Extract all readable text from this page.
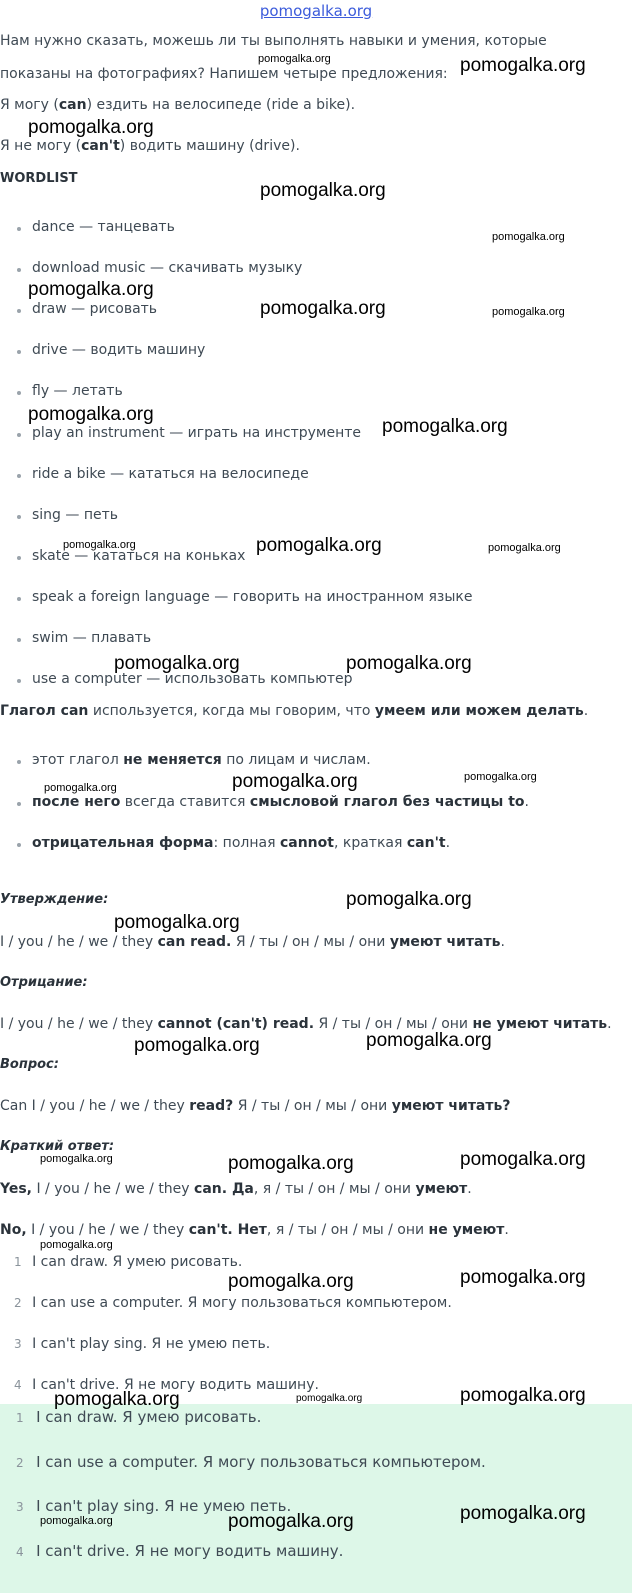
pomogalka.org
Нам нужно сказать, можешь ли ты выполнять навыки и умения, которые
показаны на фотографиях? Напишем четыре предложения:
Я могу (can) ездить на велосипеде (ride a bike).
Я не могу (can't) водить машину (drive).
WORDLIST
dance — танцевать
download music — скачивать музыку
draw — рисовать
drive — водить машину
fly — летать
play an instrument — играть на инструменте
ride a bike — кататься на велосипеде
sing — петь
skate — кататься на коньках
speak a foreign language — говорить на иностранном языке
swim — плавать
use a computer — использовать компьютер
Глагол can используется, когда мы говорим, что умеем или можем делать.
этот глагол не меняется по лицам и числам.
после него всегда ставится смысловой глагол без частицы to.
отрицательная форма: полная cannot, краткая can't.
Утверждение:
I / you / he / we / they can read. Я / ты / он / мы / они умеют читать.
Отрицание:
I / you / he / we / they cannot (can't) read. Я / ты / он / мы / они не умеют читать.
Вопрос:
Can I / you / he / we / they read? Я / ты / он / мы / они умеют читать?
Краткий ответ:
Yes, I / you / he / we / they can. Да, я / ты / он / мы / они умеют.
No, I / you / he / we / they can't. Нет, я / ты / он / мы / они не умеют.
1 I can draw. Я умею рисовать.
2 I can use a computer. Я могу пользоваться компьютером.
3 I can't play sing. Я не умею петь.
4 I can't drive. Я не могу водить машину.
1 I can draw. Я умею рисовать.
2 I can use a computer. Я могу пользоваться компьютером.
3 I can't play sing. Я не умею петь.
4 I can't drive. Я не могу водить машину.
pomogalka.org	pomogalka.org
pomogalka.org
pomogalka.org
pomogalka.org
pomogalka.org
pomogalka.org	pomogalka.org
pomogalka.org
pomogalka.org
pomogalka.org	pomogalka.org	pomogalka.org
pomogalka.org	pomogalka.org
pomogalka.org
pomogalka.org
pomogalka.org
pomogalka.org
pomogalka.org
pomogalka.org
pomogalka.org
pomogalka.org	pomogalka.org	pomogalka.org
pomogalka.org
pomogalka.org	pomogalka.org
pomogalka.org	pomogalka.org	pomogalka.org
pomogalka.org
pomogalka.org	pomogalka.org
